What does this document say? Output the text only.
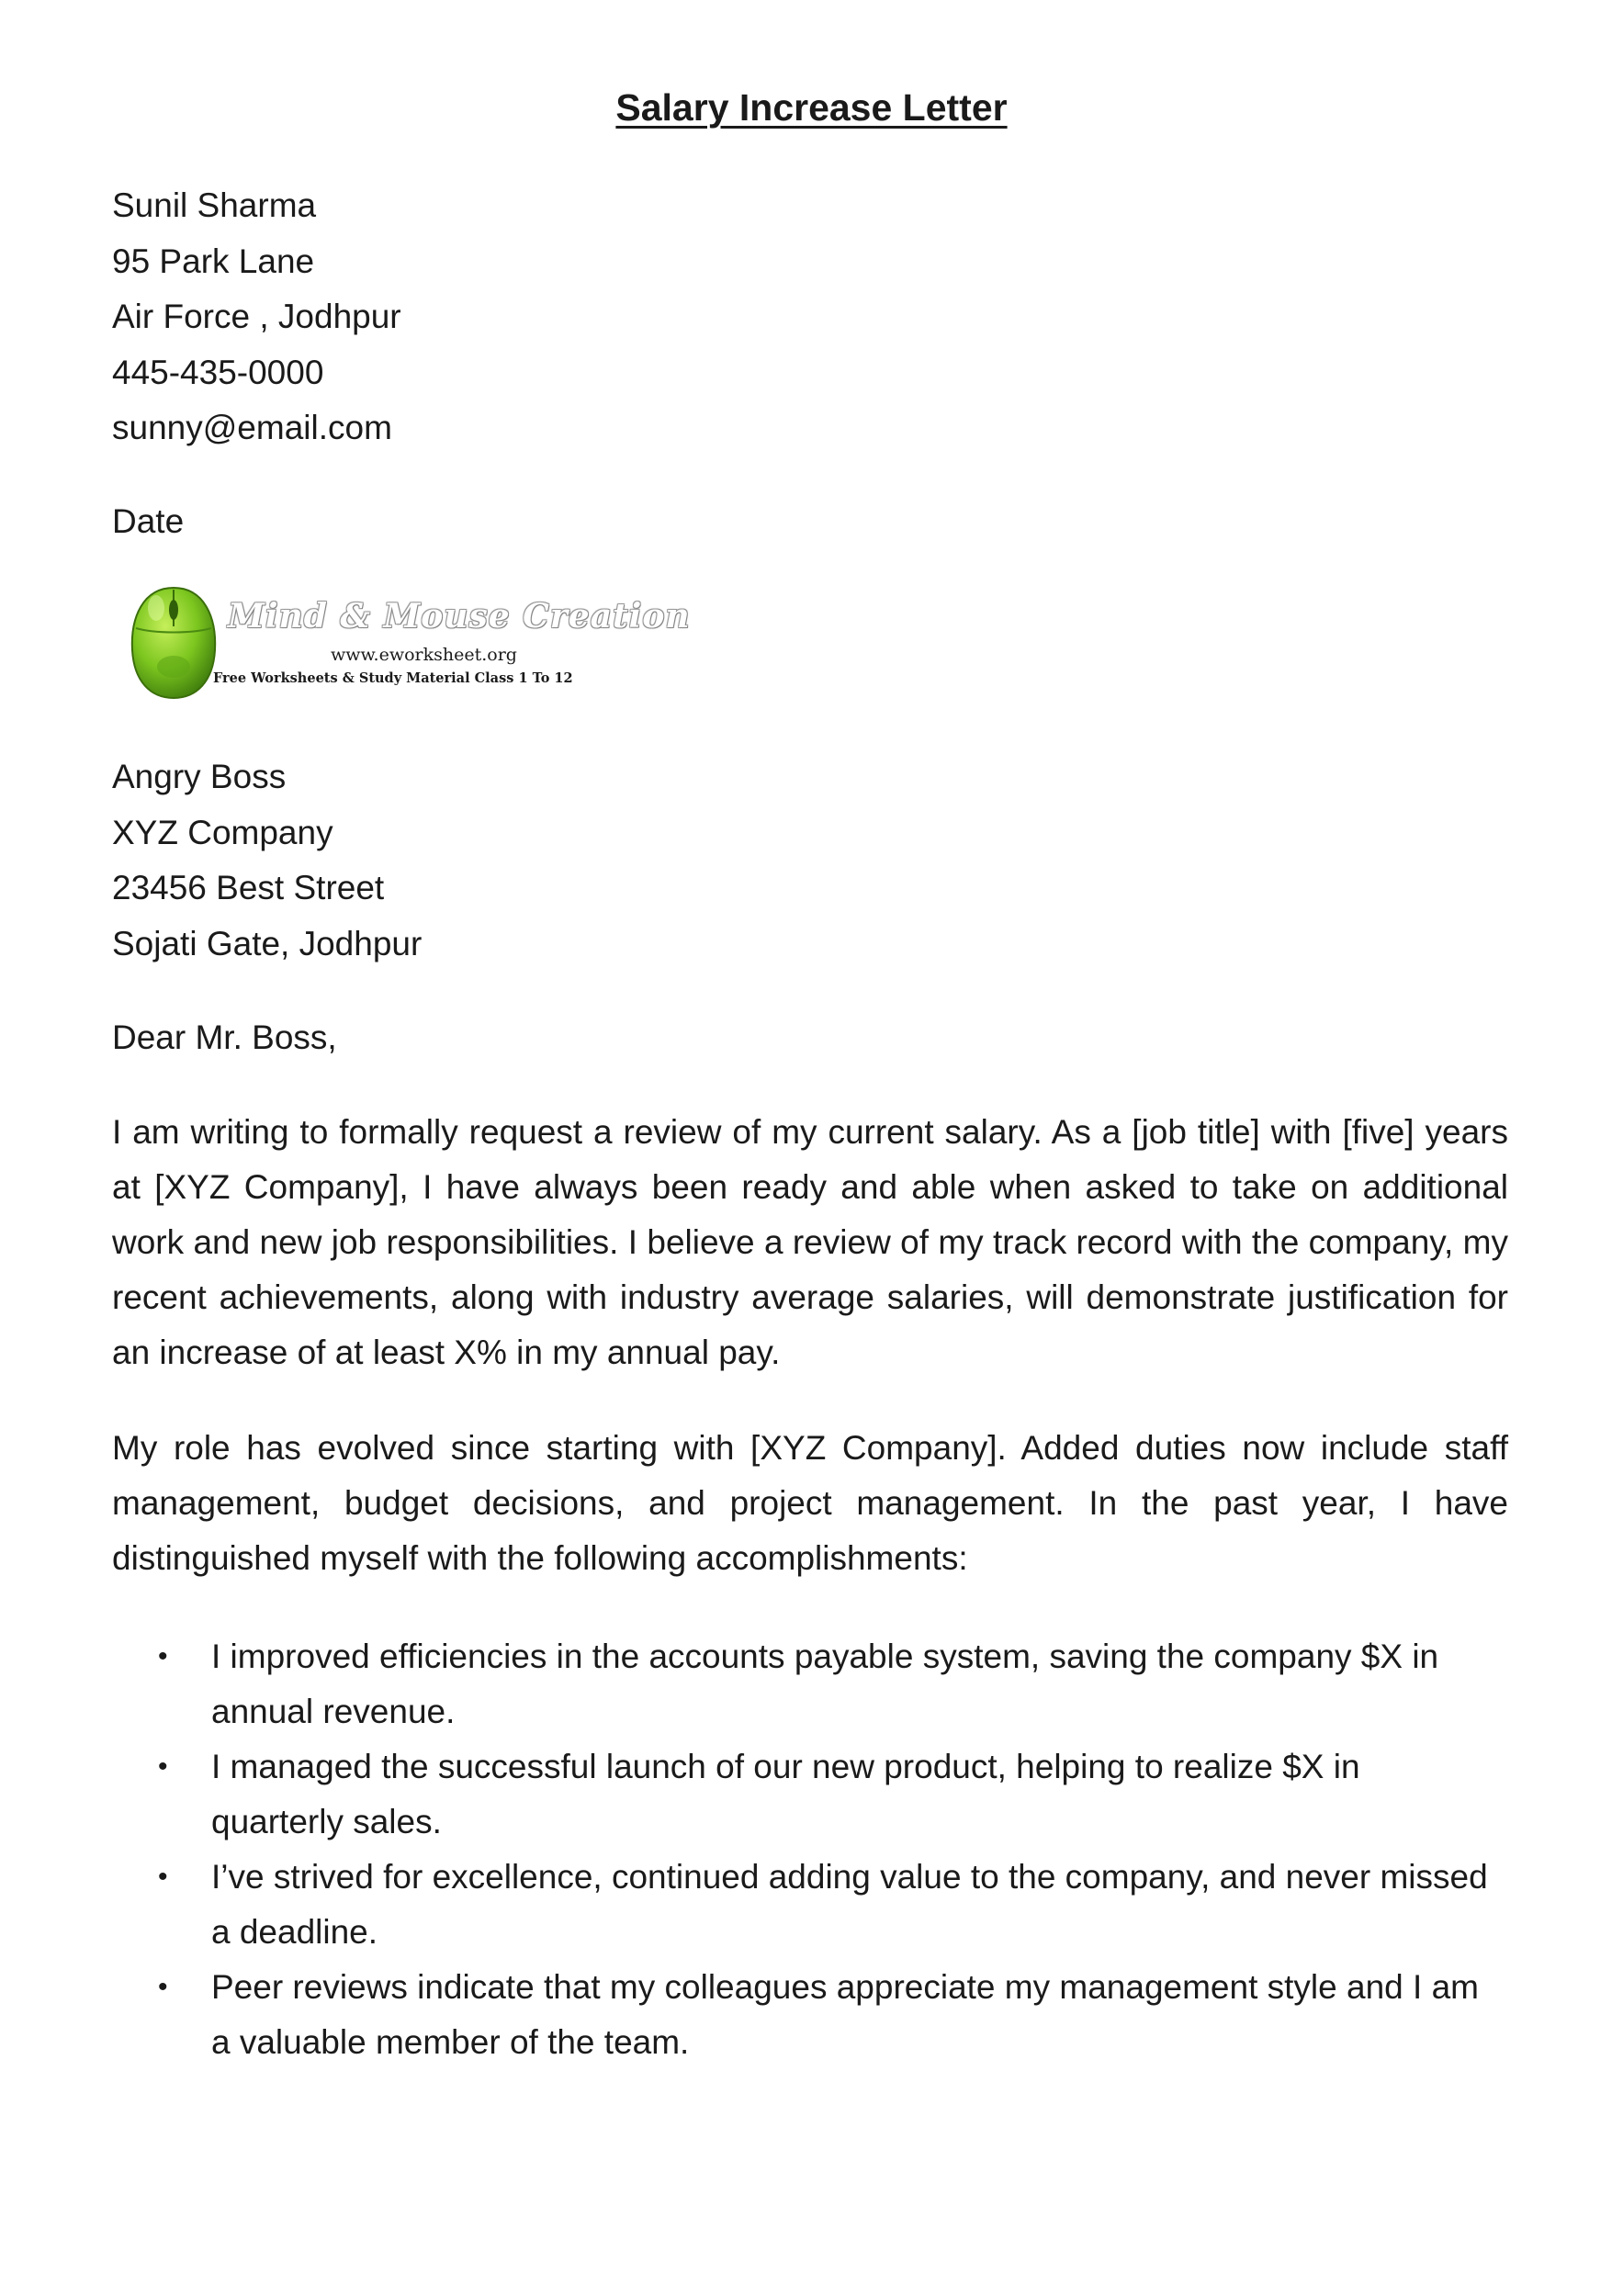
Salary Increase Letter
Sunil Sharma
95 Park Lane
Air Force , Jodhpur
445-435-0000
sunny@email.com
Date
Mind & Mouse Creation
www.eworksheet.org
Free Worksheets & Study Material Class 1 To 12
Angry Boss
XYZ Company
23456 Best Street
Sojati Gate, Jodhpur
Dear Mr. Boss,

I am writing to formally request a review of my current salary. As a [job title] with [five] years at [XYZ Company], I have always been ready and able when asked to take on additional work and new job responsibilities. I believe a review of my track record with the company, my recent achievements, along with industry average salaries, will demonstrate justification for an increase of at least X% in my annual pay.

My role has evolved since starting with [XYZ Company]. Added duties now include staff management, budget decisions, and project management. In the past year, I have distinguished myself with the following accomplishments:

• I improved efficiencies in the accounts payable system, saving the company $X in annual revenue.
• I managed the successful launch of our new product, helping to realize $X in quarterly sales.
• I’ve strived for excellence, continued adding value to the company, and never missed a deadline.
• Peer reviews indicate that my colleagues appreciate my management style and I am a valuable member of the team.
